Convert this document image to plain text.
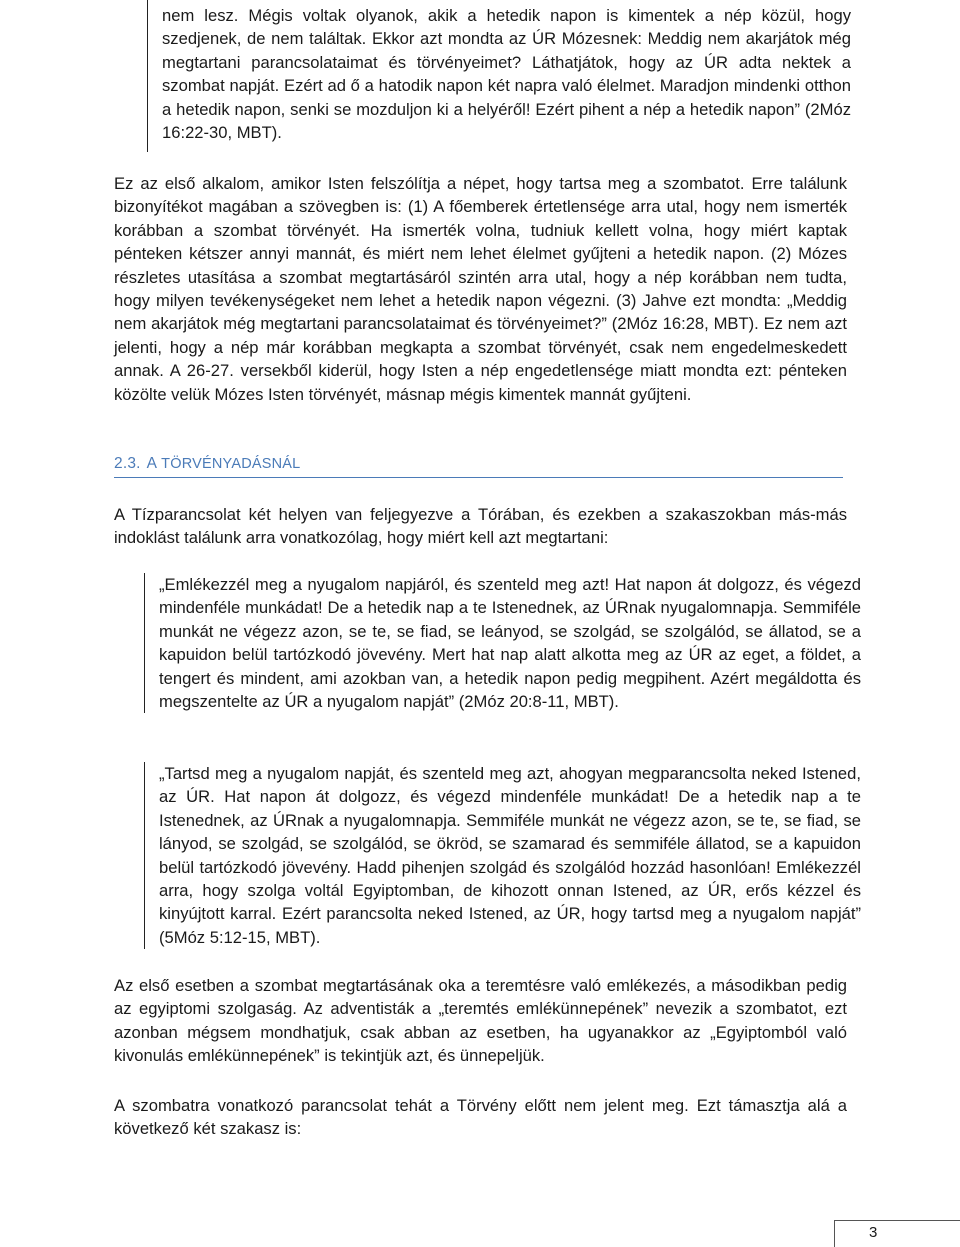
nem lesz. Mégis voltak olyanok, akik a hetedik napon is kimentek a nép közül, hogy szedjenek, de nem találtak. Ekkor azt mondta az ÚR Mózesnek: Meddig nem akarjátok még megtartani parancsolataimat és törvényeimet? Láthatjátok, hogy az ÚR adta nektek a szombat napját. Ezért ad ő a hatodik napon két napra való élelmet. Maradjon mindenki otthon a hetedik napon, senki se mozduljon ki a helyéről! Ezért pihent a nép a hetedik napon” (2Móz 16:22-30, MBT).

Ez az első alkalom, amikor Isten felszólítja a népet, hogy tartsa meg a szombatot. Erre találunk bizonyítékot magában a szövegben is: (1) A főemberek értetlensége arra utal, hogy nem ismerték korábban a szombat törvényét. Ha ismerték volna, tudniuk kellett volna, hogy miért kaptak pénteken kétszer annyi mannát, és miért nem lehet élelmet gyűjteni a hetedik napon. (2) Mózes részletes utasítása a szombat megtartásáról szintén arra utal, hogy a nép korábban nem tudta, hogy milyen tevékenységeket nem lehet a hetedik napon végezni. (3) Jahve ezt mondta: „Meddig nem akarjátok még megtartani parancsolataimat és törvényeimet?” (2Móz 16:28, MBT). Ez nem azt jelenti, hogy a nép már korábban megkapta a szombat törvényét, csak nem engedelmeskedett annak. A 26-27. versekből kiderül, hogy Isten a nép engedetlensége miatt mondta ezt: pénteken közölte velük Mózes Isten törvényét, másnap mégis kimentek mannát gyűjteni.

2.3. A TÖRVÉNYADÁSNÁL

A Tízparancsolat két helyen van feljegyezve a Tórában, és ezekben a szakaszokban más-más indoklást találunk arra vonatkozólag, hogy miért kell azt megtartani:

„Emlékezzél meg a nyugalom napjáról, és szenteld meg azt! Hat napon át dolgozz, és végezd mindenféle munkádat! De a hetedik nap a te Istenednek, az ÚRnak nyugalomnapja. Semmiféle munkát ne végezz azon, se te, se fiad, se leányod, se szolgád, se szolgálód, se állatod, se a kapuidon belül tartózkodó jövevény. Mert hat nap alatt alkotta meg az ÚR az eget, a földet, a tengert és mindent, ami azokban van, a hetedik napon pedig megpihent. Azért megáldotta és megszentelte az ÚR a nyugalom napját” (2Móz 20:8-11, MBT).

„Tartsd meg a nyugalom napját, és szenteld meg azt, ahogyan megparancsolta neked Istened, az ÚR. Hat napon át dolgozz, és végezd mindenféle munkádat! De a hetedik nap a te Istenednek, az ÚRnak a nyugalomnapja. Semmiféle munkát ne végezz azon, se te, se fiad, se lányod, se szolgád, se szolgálód, se ökröd, se szamarad és semmiféle állatod, se a kapuidon belül tartózkodó jövevény. Hadd pihenjen szolgád és szolgálód hozzád hasonlóan! Emlékezzél arra, hogy szolga voltál Egyiptomban, de kihozott onnan Istened, az ÚR, erős kézzel és kinyújtott karral. Ezért parancsolta neked Istened, az ÚR, hogy tartsd meg a nyugalom napját” (5Móz 5:12-15, MBT).

Az első esetben a szombat megtartásának oka a teremtésre való emlékezés, a másodikban pedig az egyiptomi szolgaság. Az adventisták a „teremtés emlékünnepének” nevezik a szombatot, ezt azonban mégsem mondhatjuk, csak abban az esetben, ha ugyanakkor az „Egyiptomból való kivonulás emlékünnepének” is tekintjük azt, és ünnepeljük.

A szombatra vonatkozó parancsolat tehát a Törvény előtt nem jelent meg. Ezt támasztja alá a következő két szakasz is:

3
